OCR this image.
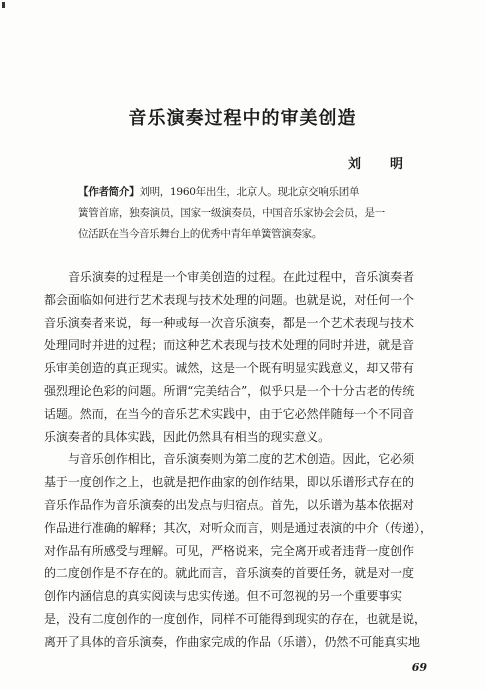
音乐演奏过程中的审美创造
刘　明
【作者简介】刘明，1960年出生，北京人。现北京交响乐团单
簧管首席，独奏演员，国家一级演奏员，中国音乐家协会会员，是一
位活跃在当今音乐舞台上的优秀中青年单簧管演奏家。
音乐演奏的过程是一个审美创造的过程。在此过程中，音乐演奏者
都会面临如何进行艺术表现与技术处理的问题。也就是说，对任何一个
音乐演奏者来说，每一种或每一次音乐演奏，都是一个艺术表现与技术
处理同时并进的过程；而这种艺术表现与技术处理的同时并进，就是音
乐审美创造的真正现实。诚然，这是一个既有明显实践意义，却又带有
强烈理论色彩的问题。所谓“完美结合”，似乎只是一个十分古老的传统
话题。然而，在当今的音乐艺术实践中，由于它必然伴随每一个不同音
乐演奏者的具体实践，因此仍然具有相当的现实意义。
与音乐创作相比，音乐演奏则为第二度的艺术创造。因此，它必须
基于一度创作之上，也就是把作曲家的创作结果，即以乐谱形式存在的
音乐作品作为音乐演奏的出发点与归宿点。首先，以乐谱为基本依据对
作品进行准确的解释；其次，对听众而言，则是通过表演的中介（传递），
对作品有所感受与理解。可见，严格说来，完全离开或者违背一度创作
的二度创作是不存在的。就此而言，音乐演奏的首要任务，就是对一度
创作内涵信息的真实阅读与忠实传递。但不可忽视的另一个重要事实
是，没有二度创作的一度创作，同样不可能得到现实的存在，也就是说，
离开了具体的音乐演奏，作曲家完成的作品（乐谱），仍然不可能真实地
69
